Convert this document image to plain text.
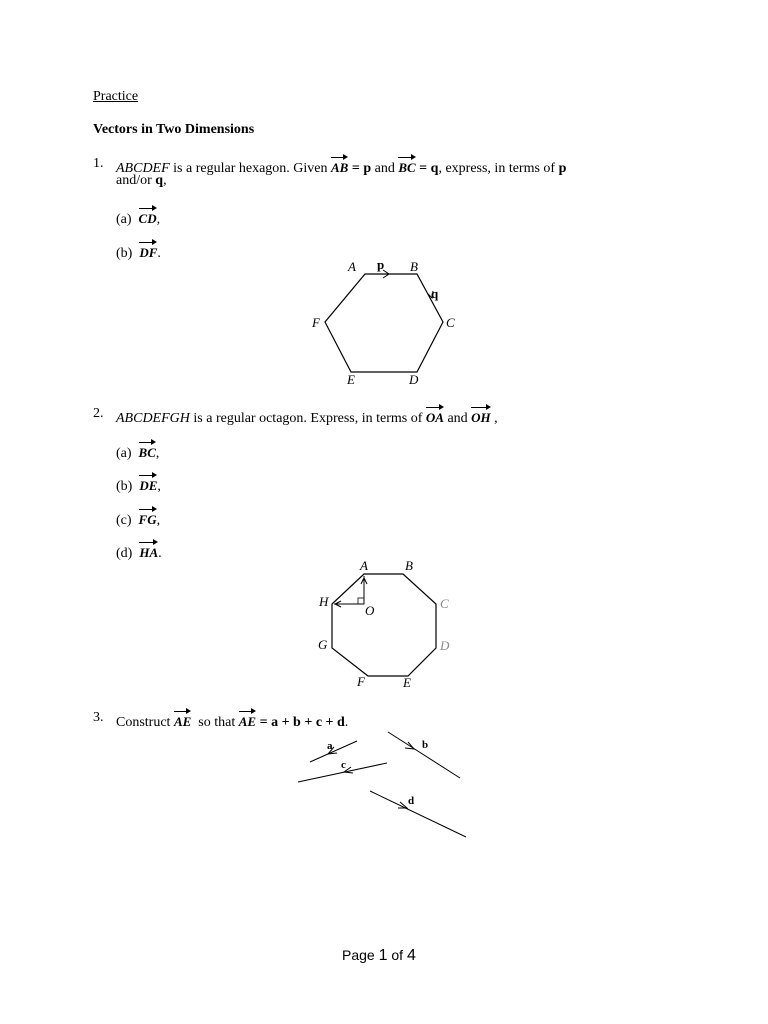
Practice
Vectors in Two Dimensions
1. ABCDEF is a regular hexagon. Given AB = p and BC = q, express, in terms of p
and/or q,
(a) CD,
(b) DF.
A p B
q
C
F
E	D
2. ABCDEFGH is a regular octagon. Express, in terms of OA and OH ,
(a) BC,
(b) DE,
(c) FG,
(d) HA.
A	B
C
D
E
F
G
H
O
3. Construct AE  so that AE = a + b + c + d.
a	b
c
d
Page 1 of 4
